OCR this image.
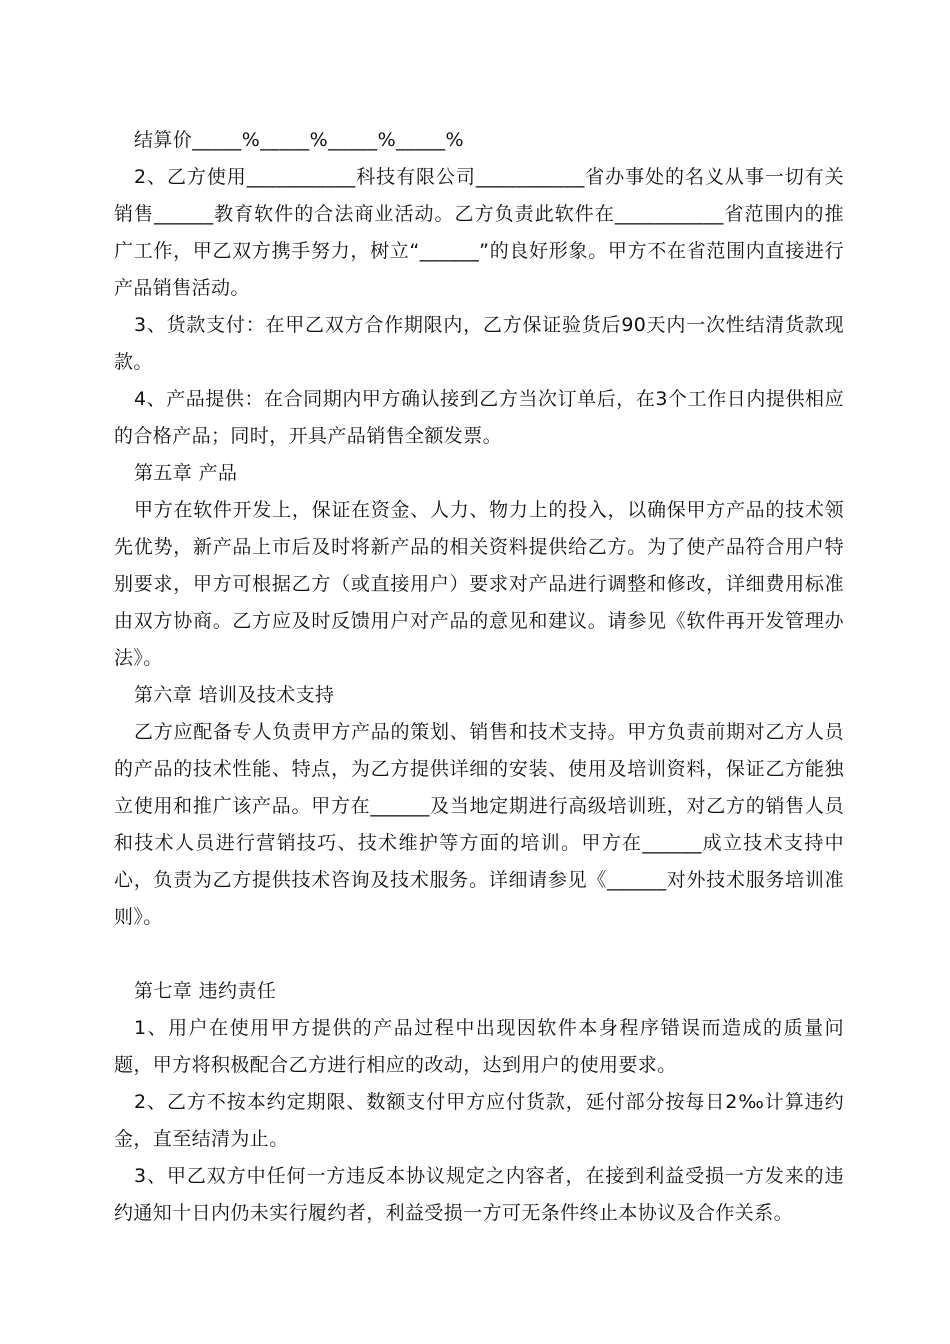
结算价_____%_____%_____%_____%

2、乙方使用___________科技有限公司___________省办事处的名义从事一切有关销售______教育软件的合法商业活动。乙方负责此软件在___________省范围内的推广工作，甲乙双方携手努力，树立“______”的良好形象。甲方不在省范围内直接进行产品销售活动。

3、货款支付：在甲乙双方合作期限内，乙方保证验货后90天内一次性结清货款现款。

4、产品提供：在合同期内甲方确认接到乙方当次订单后，在3个工作日内提供相应的合格产品；同时，开具产品销售全额发票。

第五章 产品

甲方在软件开发上，保证在资金、人力、物力上的投入，以确保甲方产品的技术领先优势，新产品上市后及时将新产品的相关资料提供给乙方。为了使产品符合用户特别要求，甲方可根据乙方（或直接用户）要求对产品进行调整和修改，详细费用标准由双方协商。乙方应及时反馈用户对产品的意见和建议。请参见《软件再开发管理办法》。

第六章 培训及技术支持

乙方应配备专人负责甲方产品的策划、销售和技术支持。甲方负责前期对乙方人员的产品的技术性能、特点，为乙方提供详细的安装、使用及培训资料，保证乙方能独立使用和推广该产品。甲方在______及当地定期进行高级培训班，对乙方的销售人员和技术人员进行营销技巧、技术维护等方面的培训。甲方在______成立技术支持中心，负责为乙方提供技术咨询及技术服务。详细请参见《______对外技术服务培训准则》。

第七章 违约责任

1、用户在使用甲方提供的产品过程中出现因软件本身程序错误而造成的质量问题，甲方将积极配合乙方进行相应的改动，达到用户的使用要求。

2、乙方不按本约定期限、数额支付甲方应付货款，延付部分按每日2‰计算违约金，直至结清为止。

3、甲乙双方中任何一方违反本协议规定之内容者，在接到利益受损一方发来的违约通知十日内仍未实行履约者，利益受损一方可无条件终止本协议及合作关系。
